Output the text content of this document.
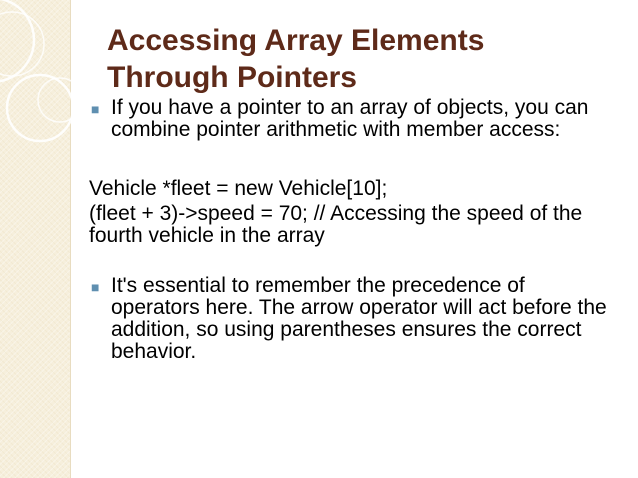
Accessing Array Elements
Through Pointers
■ If you have a pointer to an array of objects, you can combine pointer arithmetic with member access:

Vehicle *fleet = new Vehicle[10];

(fleet + 3)->speed = 70; // Accessing the speed of the fourth vehicle in the array

■ It's essential to remember the precedence of operators here. The arrow operator will act before the addition, so using parentheses ensures the correct behavior.
